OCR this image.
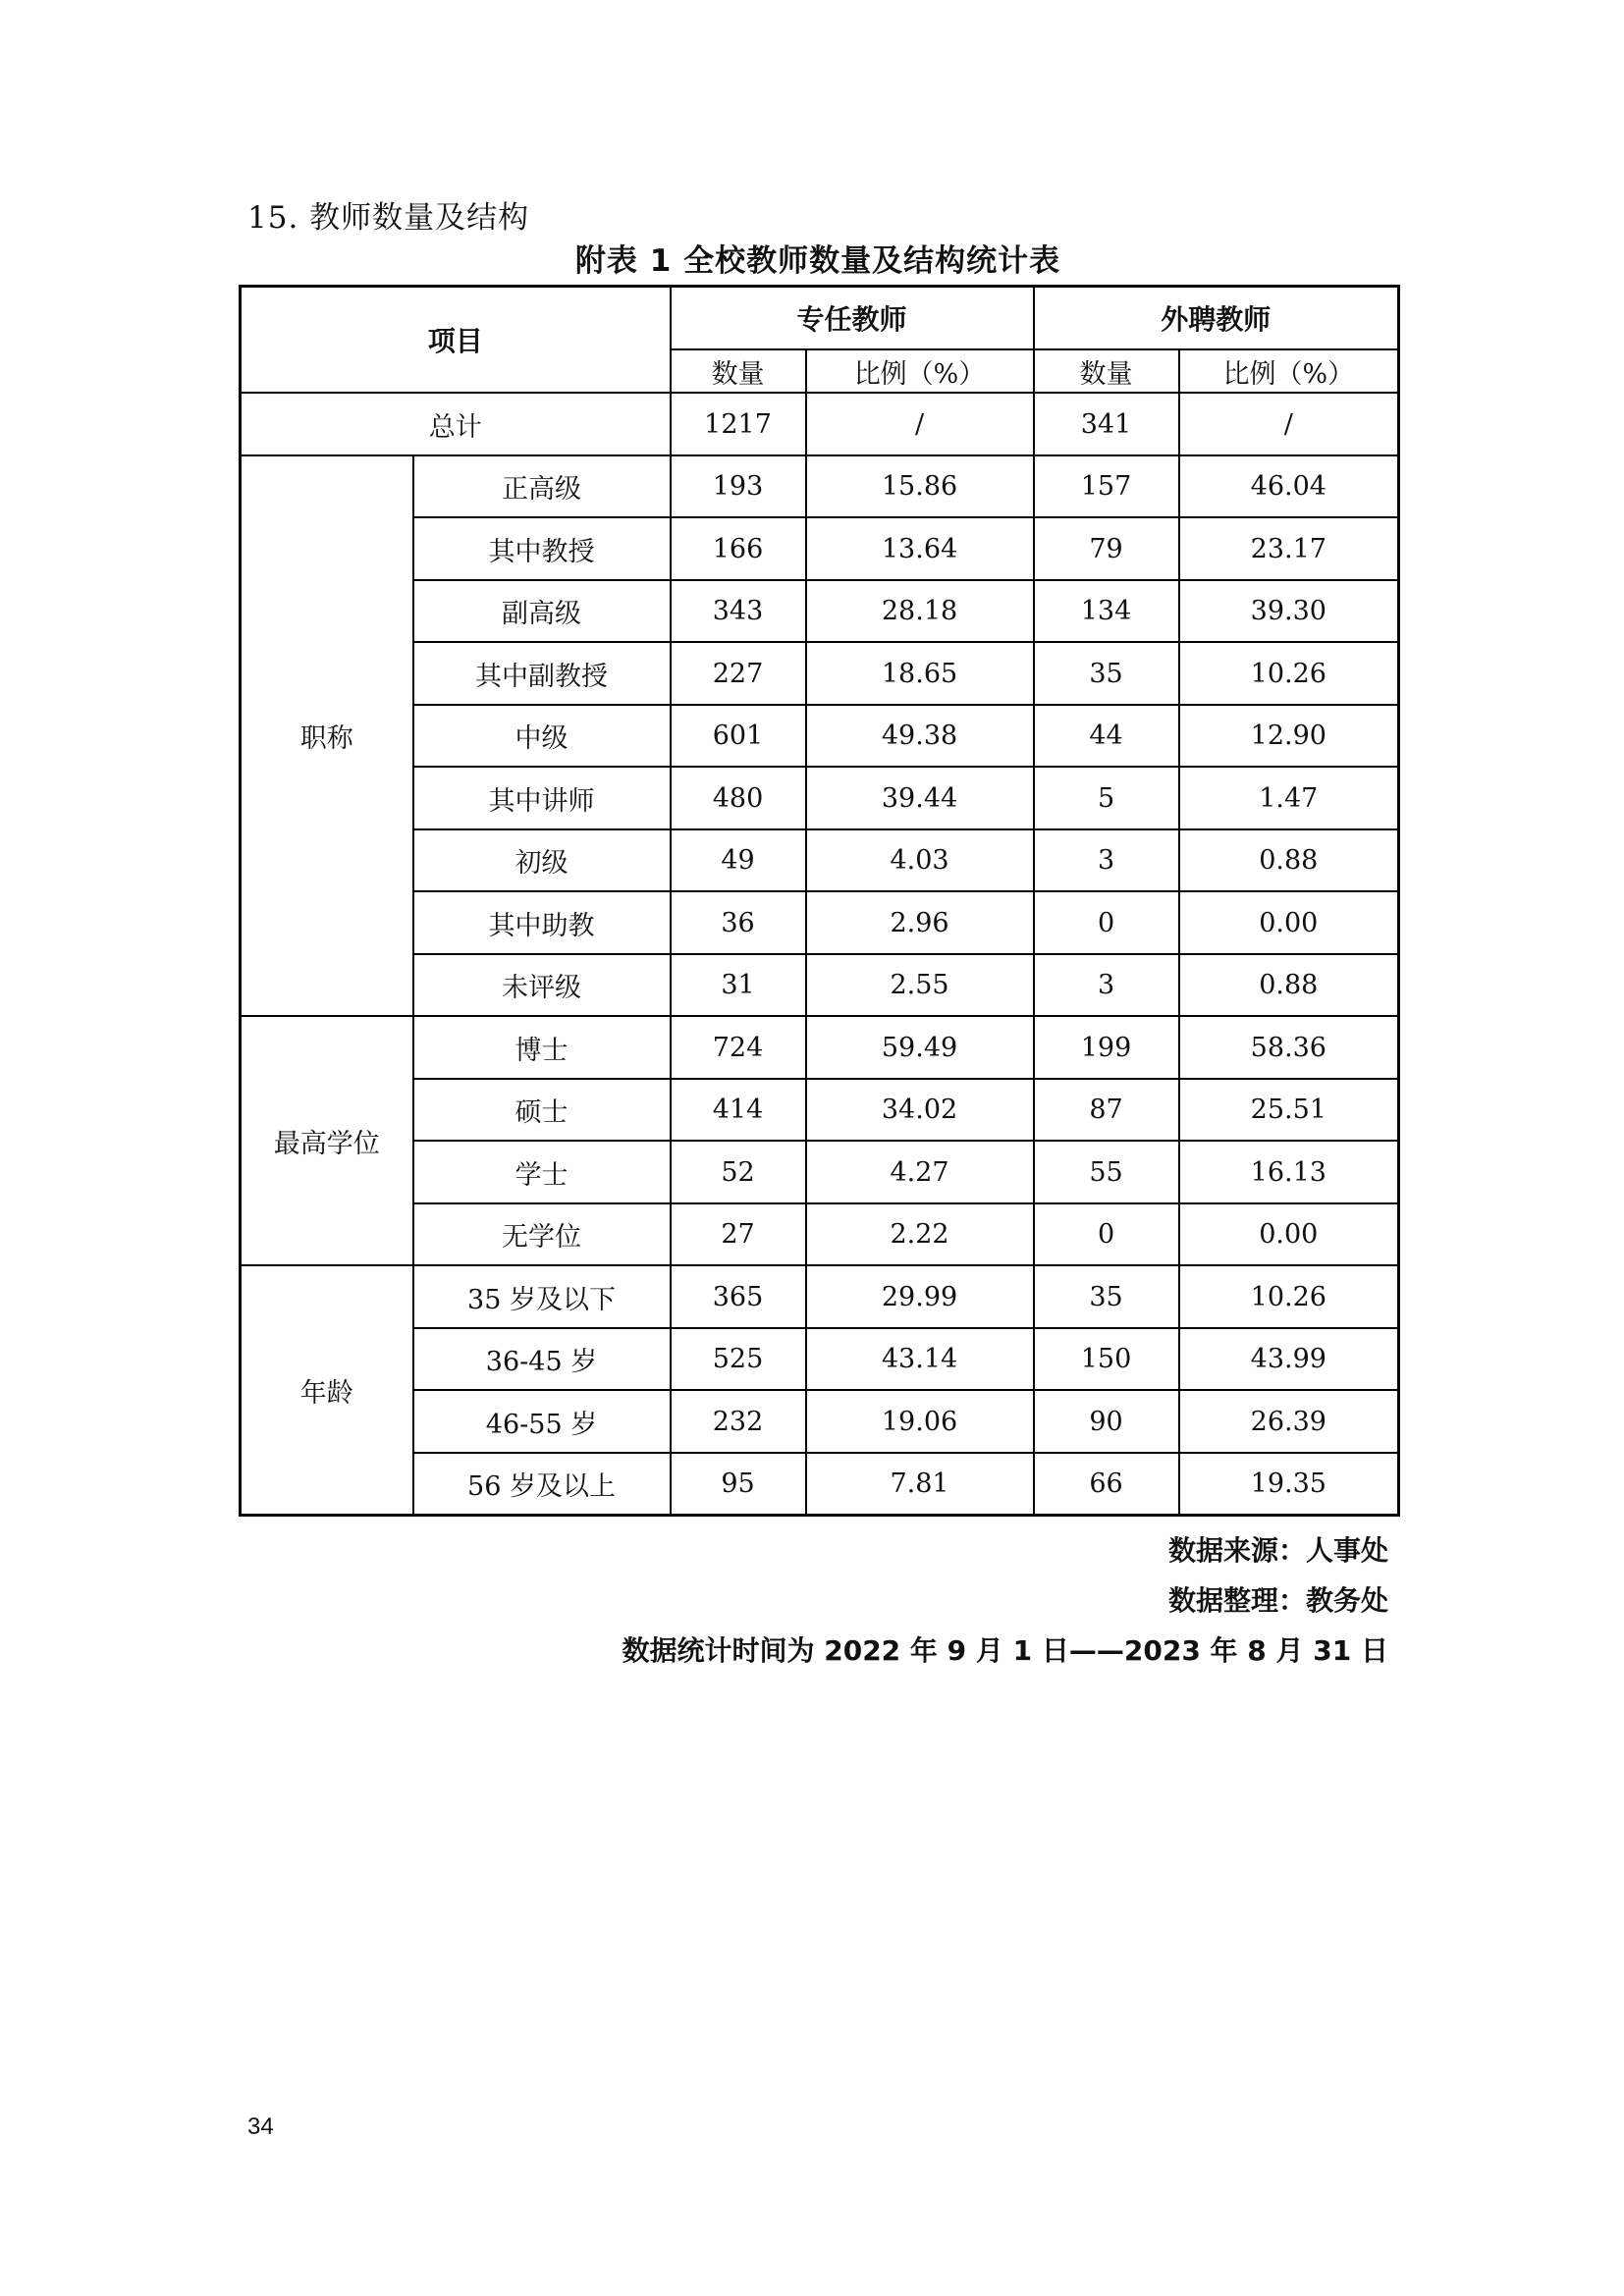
15. 教师数量及结构
附表 1 全校教师数量及结构统计表
项目		专任教师		外聘教师	
		数量	比例（%）	数量	比例（%）
总计		1217	/	341	/
职称	正高级	193	15.86	157	46.04
	其中教授	166	13.64	79	23.17
	副高级	343	28.18	134	39.30
	其中副教授	227	18.65	35	10.26
	中级	601	49.38	44	12.90
	其中讲师	480	39.44	5	1.47
	初级	49	4.03	3	0.88
	其中助教	36	2.96	0	0.00
	未评级	31	2.55	3	0.88
最高学位	博士	724	59.49	199	58.36
	硕士	414	34.02	87	25.51
	学士	52	4.27	55	16.13
	无学位	27	2.22	0	0.00
年龄	35 岁及以下	365	29.99	35	10.26
	36-45 岁	525	43.14	150	43.99
	46-55 岁	232	19.06	90	26.39
	56 岁及以上	95	7.81	66	19.35
数据来源：人事处
数据整理：教务处
数据统计时间为 2022 年 9 月 1 日——2023 年 8 月 31 日
34
